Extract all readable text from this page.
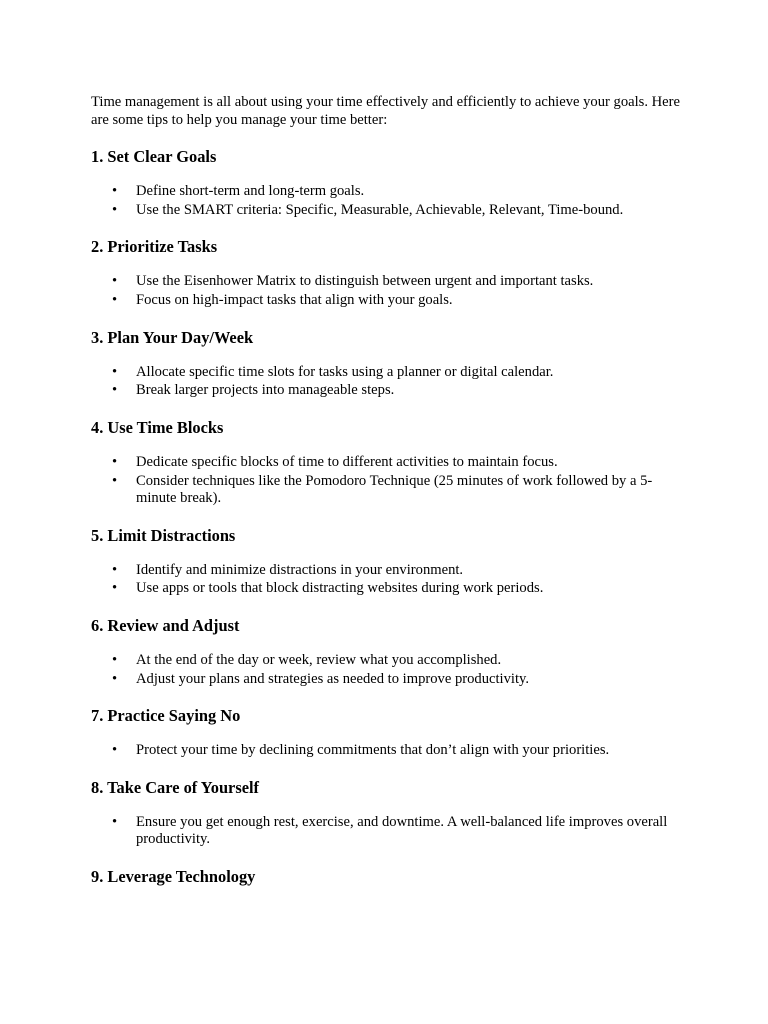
Time management is all about using your time effectively and efficiently to achieve your goals. Here are some tips to help you manage your time better:

1. Set Clear Goals
• Define short-term and long-term goals.
• Use the SMART criteria: Specific, Measurable, Achievable, Relevant, Time-bound.
2. Prioritize Tasks
• Use the Eisenhower Matrix to distinguish between urgent and important tasks.
• Focus on high-impact tasks that align with your goals.
3. Plan Your Day/Week
• Allocate specific time slots for tasks using a planner or digital calendar.
• Break larger projects into manageable steps.
4. Use Time Blocks
• Dedicate specific blocks of time to different activities to maintain focus.
• Consider techniques like the Pomodoro Technique (25 minutes of work followed by a 5-minute break).
5. Limit Distractions
• Identify and minimize distractions in your environment.
• Use apps or tools that block distracting websites during work periods.
6. Review and Adjust
• At the end of the day or week, review what you accomplished.
• Adjust your plans and strategies as needed to improve productivity.
7. Practice Saying No
• Protect your time by declining commitments that don’t align with your priorities.
8. Take Care of Yourself
• Ensure you get enough rest, exercise, and downtime. A well-balanced life improves overall productivity.
9. Leverage Technology
